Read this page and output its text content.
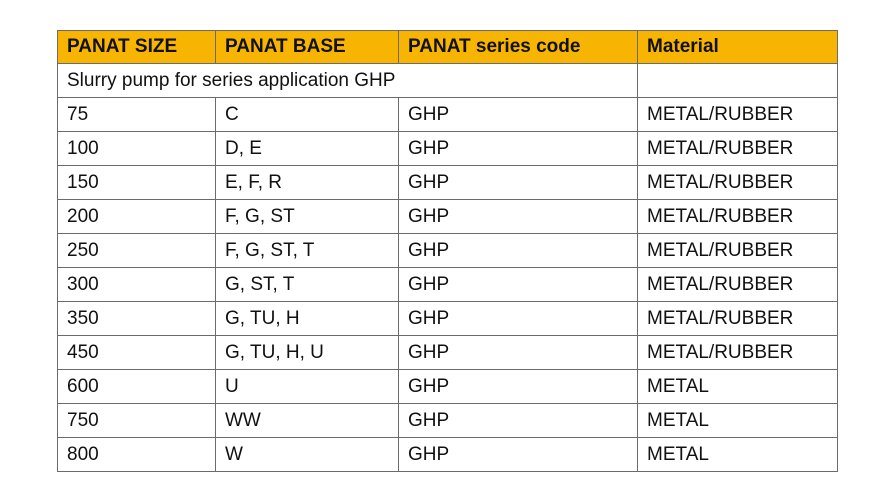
PANAT SIZE	PANAT BASE	PANAT series code	Material
Slurry pump for series application GHP			
75	C	GHP	METAL/RUBBER
100	D, E	GHP	METAL/RUBBER
150	E, F, R	GHP	METAL/RUBBER
200	F, G, ST	GHP	METAL/RUBBER
250	F, G, ST, T	GHP	METAL/RUBBER
300	G, ST, T	GHP	METAL/RUBBER
350	G, TU, H	GHP	METAL/RUBBER
450	G, TU, H, U	GHP	METAL/RUBBER
600	U	GHP	METAL
750	WW	GHP	METAL
800	W	GHP	METAL
